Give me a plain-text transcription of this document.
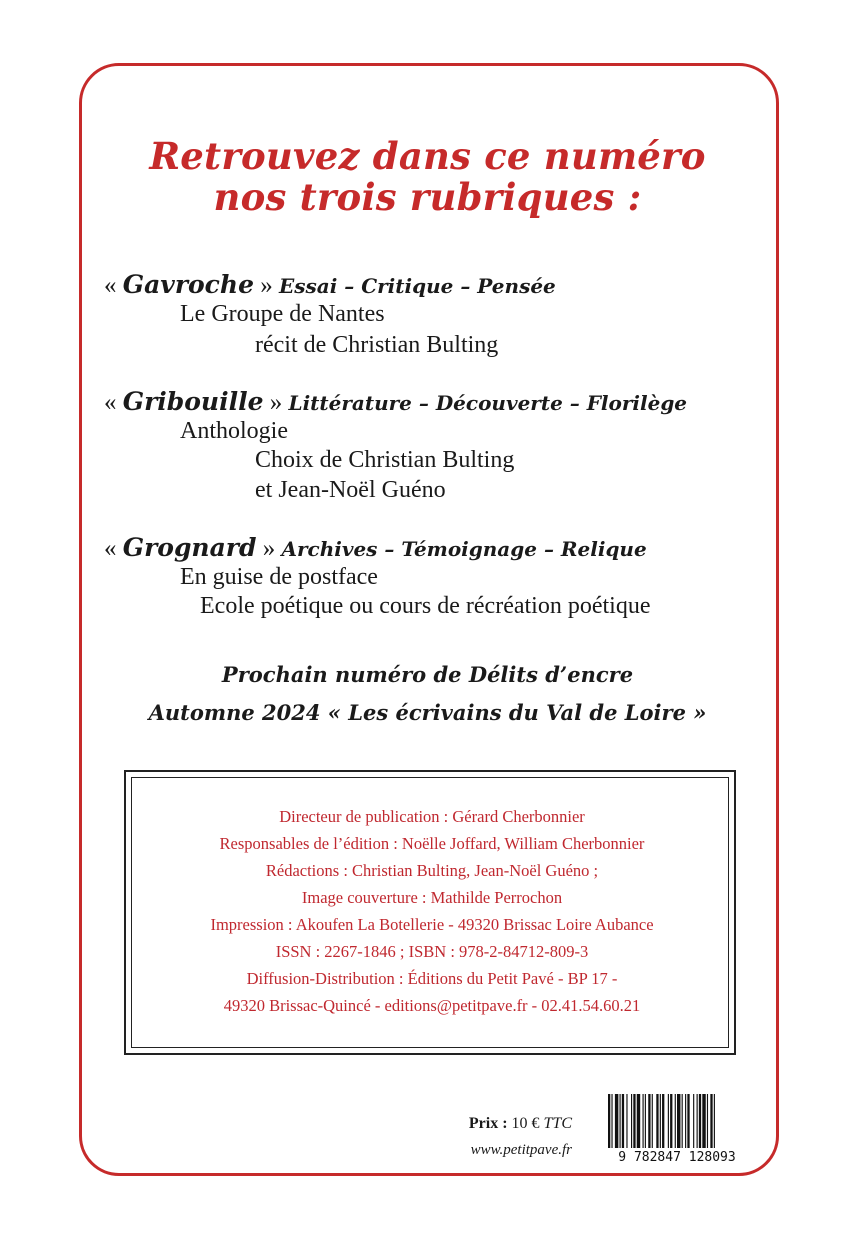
Retrouvez dans ce numéro
nos trois rubriques :
« Gavroche » Essai – Critique – Pensée
Le Groupe de Nantes
récit de Christian Bulting
« Gribouille » Littérature – Découverte – Florilège
Anthologie
Choix de Christian Bulting
et Jean-Noël Guéno
« Grognard » Archives – Témoignage – Relique
En guise de postface
Ecole poétique ou cours de récréation poétique
Prochain numéro de Délits d’encre
Automne 2024 « Les écrivains du Val de Loire »
Directeur de publication : Gérard Cherbonnier
Responsables de l’édition : Noëlle Joffard, William Cherbonnier
Rédactions : Christian Bulting, Jean-Noël Guéno ;
Image couverture : Mathilde Perrochon
Impression : Akoufen La Botellerie - 49320 Brissac Loire Aubance
ISSN : 2267-1846 ; ISBN : 978-2-84712-809-3
Diffusion-Distribution : Éditions du Petit Pavé - BP 17 -
49320 Brissac-Quincé - editions@petitpave.fr - 02.41.54.60.21
Prix : 10 € TTC
www.petitpave.fr	9 782847 128093
